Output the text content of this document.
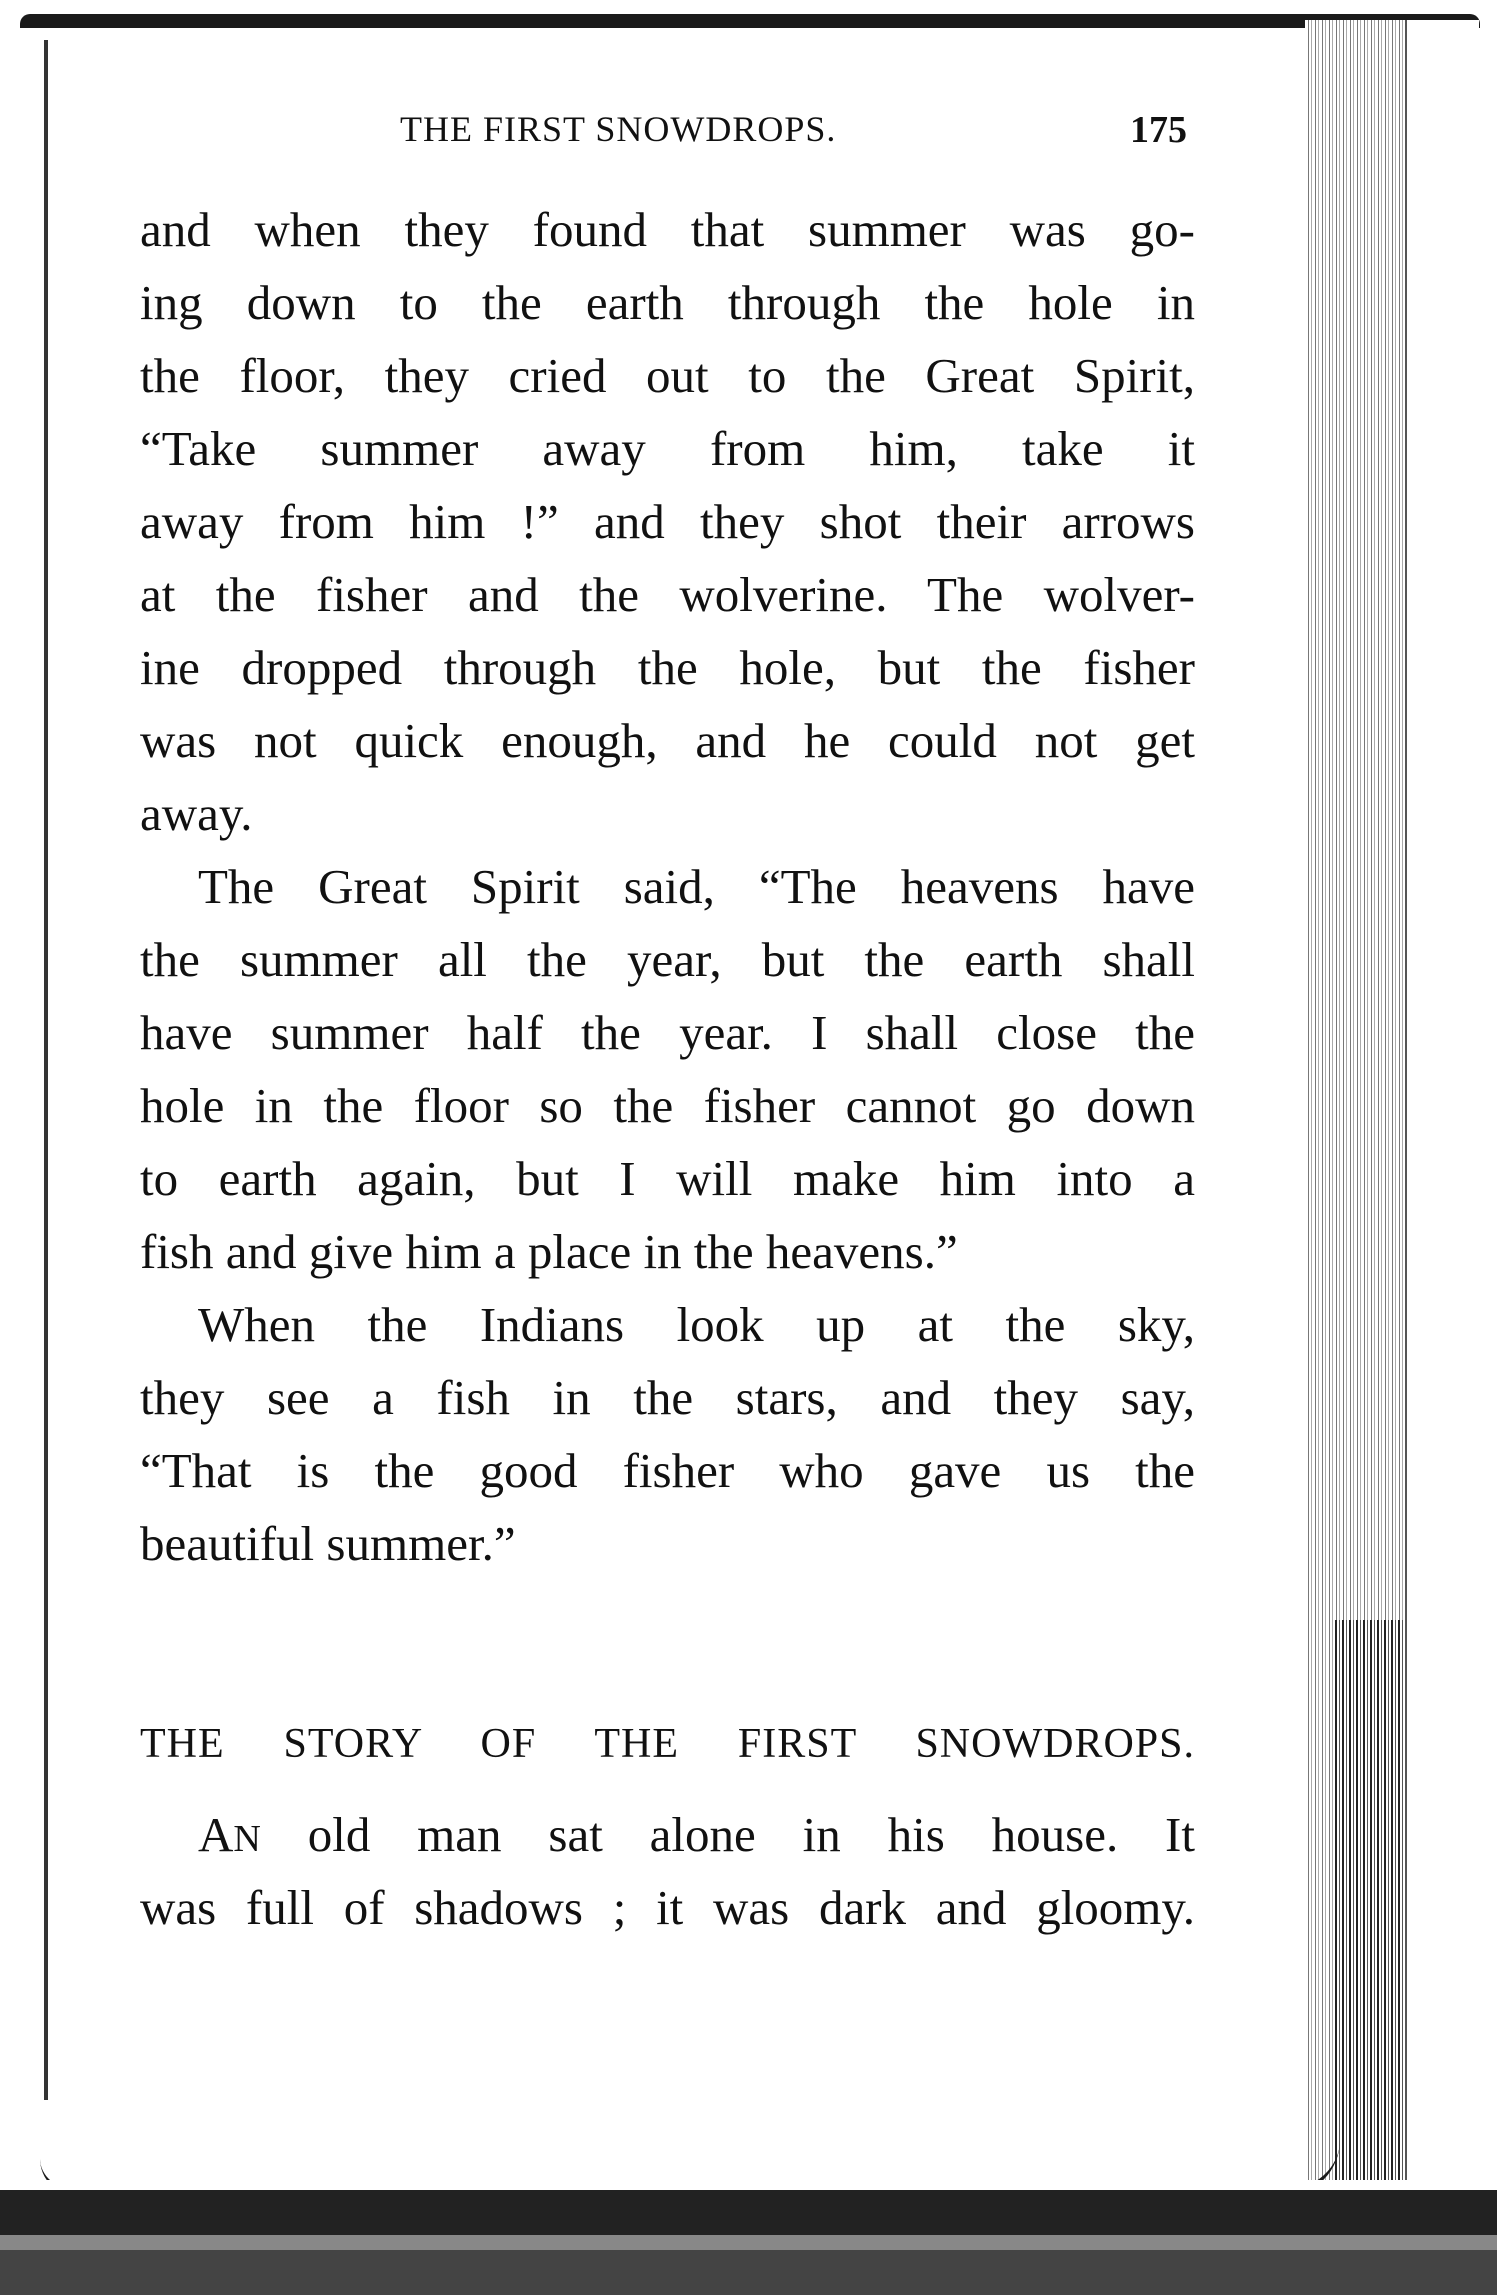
THE FIRST SNOWDROPS.	175
and when they found that summer was go-
ing down to the earth through the hole in
the floor, they cried out to the Great Spirit,
“Take summer away from him, take it
away from him !” and they shot their arrows
at the fisher and the wolverine. The wolver-
ine dropped through the hole, but the fisher
was not quick enough, and he could not get
away.
The Great Spirit said, “The heavens have
the summer all the year, but the earth shall
have summer half the year. I shall close the
hole in the floor so the fisher cannot go down
to earth again, but I will make him into a
fish and give him a place in the heavens.”
When the Indians look up at the sky,
they see a fish in the stars, and they say,
“That is the good fisher who gave us the
beautiful summer.”
THE STORY OF THE FIRST SNOWDROPS.
AN old man sat alone in his house. It
was full of shadows ; it was dark and gloomy.
